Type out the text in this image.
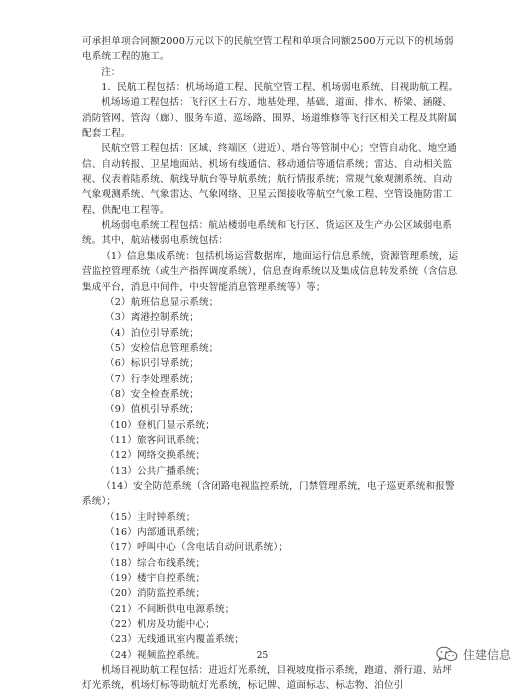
可承担单项合同额2000万元以下的民航空管工程和单项合同额2500万元以下的机场弱电系统工程的施工。

注：

1．民航工程包括：机场场道工程、民航空管工程、机场弱电系统、目视助航工程。

机场场道工程包括：飞行区土石方、地基处理、基础、道面、排水、桥梁、涵隧、消防管网、管沟（廊）、服务车道、巡场路、围界、场道维修等飞行区相关工程及其附属配套工程。

民航空管工程包括：区域、终端区（进近）、塔台等管制中心；空管自动化、地空通信、自动转报、卫星地面站、机场有线通信、移动通信等通信系统；雷达、自动相关监视、仪表着陆系统、航线导航台等导航系统；航行情报系统；常规气象观测系统、自动气象观测系统、气象雷达、气象网络、卫星云图接收等航空气象工程、空管设施防雷工程、供配电工程等。

机场弱电系统工程包括：航站楼弱电系统和飞行区、货运区及生产办公区域弱电系统。其中，航站楼弱电系统包括：

（1）信息集成系统：包括机场运营数据库，地面运行信息系统，资源管理系统，运营监控管理系统（或生产指挥调度系统），信息查询系统以及集成信息转发系统（含信息集成平台，消息中间件，中央智能消息管理系统等）等；

（2）航班信息显示系统；

（3）离港控制系统；

（4）泊位引导系统；

（5）安检信息管理系统；

（6）标识引导系统；

（7）行李处理系统；

（8）安全检查系统；

（9）值机引导系统；

（10）登机门显示系统；

（11）旅客问讯系统；

（12）网络交换系统；

（13）公共广播系统；

（14）安全防范系统（含闭路电视监控系统，门禁管理系统，电子巡更系统和报警系统）；

（15）主时钟系统；

（16）内部通讯系统；

（17）呼叫中心（含电话自动问讯系统）；

（18）综合布线系统；

（19）楼宇自控系统；

（20）消防监控系统；

（21）不间断供电电源系统；

（22）机房及功能中心；

（23）无线通讯室内覆盖系统；

（24）视频监控系统。

机场目视助航工程包括：进近灯光系统，目视坡度指示系统，跑道、滑行道、站坪灯光系统，机场灯标等助航灯光系统，标记牌、道面标志、标志物、泊位引

25	住建信息
